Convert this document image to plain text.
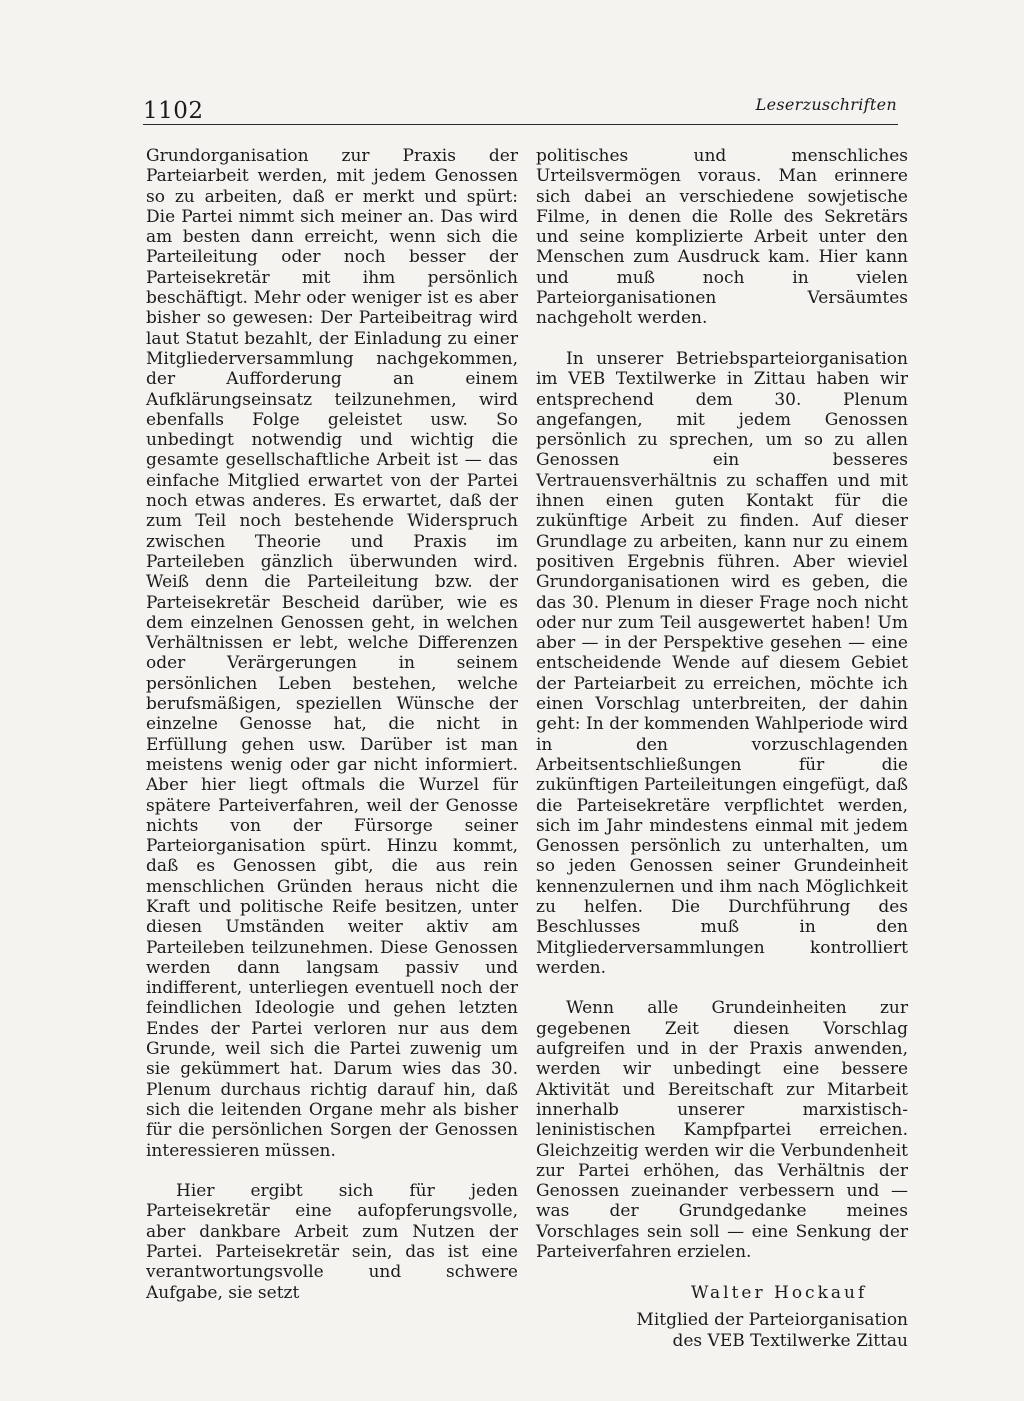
1102	Leserzuschriften

Grundorganisation zur Praxis der Parteiarbeit werden, mit jedem Genossen so zu arbeiten, daß er merkt und spürt: Die Partei nimmt sich meiner an. Das wird am besten dann erreicht, wenn sich die Parteileitung oder noch besser der Parteisekretär mit ihm persönlich beschäftigt. Mehr oder weniger ist es aber bisher so gewesen: Der Parteibeitrag wird laut Statut bezahlt, der Einladung zu einer Mitgliederversammlung nachgekommen, der Aufforderung an einem Aufklärungseinsatz teilzunehmen, wird ebenfalls Folge geleistet usw. So unbedingt notwendig und wichtig die gesamte gesellschaftliche Arbeit ist — das einfache Mitglied erwartet von der Partei noch etwas anderes. Es erwartet, daß der zum Teil noch bestehende Widerspruch zwischen Theorie und Praxis im Parteileben gänzlich überwunden wird. Weiß denn die Parteileitung bzw. der Parteisekretär Bescheid darüber, wie es dem einzelnen Genossen geht, in welchen Verhältnissen er lebt, welche Differenzen oder Verärgerungen in seinem persönlichen Leben bestehen, welche berufsmäßigen, speziellen Wünsche der einzelne Genosse hat, die nicht in Erfüllung gehen usw. Darüber ist man meistens wenig oder gar nicht informiert. Aber hier liegt oftmals die Wurzel für spätere Parteiverfahren, weil der Genosse nichts von der Fürsorge seiner Parteiorganisation spürt. Hinzu kommt, daß es Genossen gibt, die aus rein menschlichen Gründen heraus nicht die Kraft und politische Reife besitzen, unter diesen Umständen weiter aktiv am Parteileben teilzunehmen. Diese Genossen werden dann langsam passiv und indifferent, unterliegen eventuell noch der feindlichen Ideologie und gehen letzten Endes der Partei verloren nur aus dem Grunde, weil sich die Partei zuwenig um sie gekümmert hat. Darum wies das 30. Plenum durchaus richtig darauf hin, daß sich die leitenden Organe mehr als bisher für die persönlichen Sorgen der Genossen interessieren müssen.

Hier ergibt sich für jeden Parteisekretär eine aufopferungsvolle, aber dankbare Arbeit zum Nutzen der Partei. Parteisekretär sein, das ist eine verantwortungsvolle und schwere Aufgabe, sie setzt

politisches und menschliches Urteilsvermögen voraus. Man erinnere sich dabei an verschiedene sowjetische Filme, in denen die Rolle des Sekretärs und seine komplizierte Arbeit unter den Menschen zum Ausdruck kam. Hier kann und muß noch in vielen Parteiorganisationen Versäumtes nachgeholt werden.

In unserer Betriebsparteiorganisation im VEB Textilwerke in Zittau haben wir entsprechend dem 30. Plenum angefangen, mit jedem Genossen persönlich zu sprechen, um so zu allen Genossen ein besseres Vertrauensverhältnis zu schaffen und mit ihnen einen guten Kontakt für die zukünftige Arbeit zu finden. Auf dieser Grundlage zu arbeiten, kann nur zu einem positiven Ergebnis führen. Aber wieviel Grundorganisationen wird es geben, die das 30. Plenum in dieser Frage noch nicht oder nur zum Teil ausgewertet haben! Um aber — in der Perspektive gesehen — eine entscheidende Wende auf diesem Gebiet der Parteiarbeit zu erreichen, möchte ich einen Vorschlag unterbreiten, der dahin geht: In der kommenden Wahlperiode wird in den vorzuschlagenden Arbeitsentschließungen für die zukünftigen Parteileitungen eingefügt, daß die Parteisekretäre verpflichtet werden, sich im Jahr mindestens einmal mit jedem Genossen persönlich zu unterhalten, um so jeden Genossen seiner Grundeinheit kennenzulernen und ihm nach Möglichkeit zu helfen. Die Durchführung des Beschlusses muß in den Mitgliederversammlungen kontrolliert werden.

Wenn alle Grundeinheiten zur gegebenen Zeit diesen Vorschlag aufgreifen und in der Praxis anwenden, werden wir unbedingt eine bessere Aktivität und Bereitschaft zur Mitarbeit innerhalb unserer marxistisch-leninistischen Kampfpartei erreichen. Gleichzeitig werden wir die Verbundenheit zur Partei erhöhen, das Verhältnis der Genossen zueinander verbessern und — was der Grundgedanke meines Vorschlages sein soll — eine Senkung der Parteiverfahren erzielen.

Walter Hockauf
Mitglied der Parteiorganisation
des VEB Textilwerke Zittau
